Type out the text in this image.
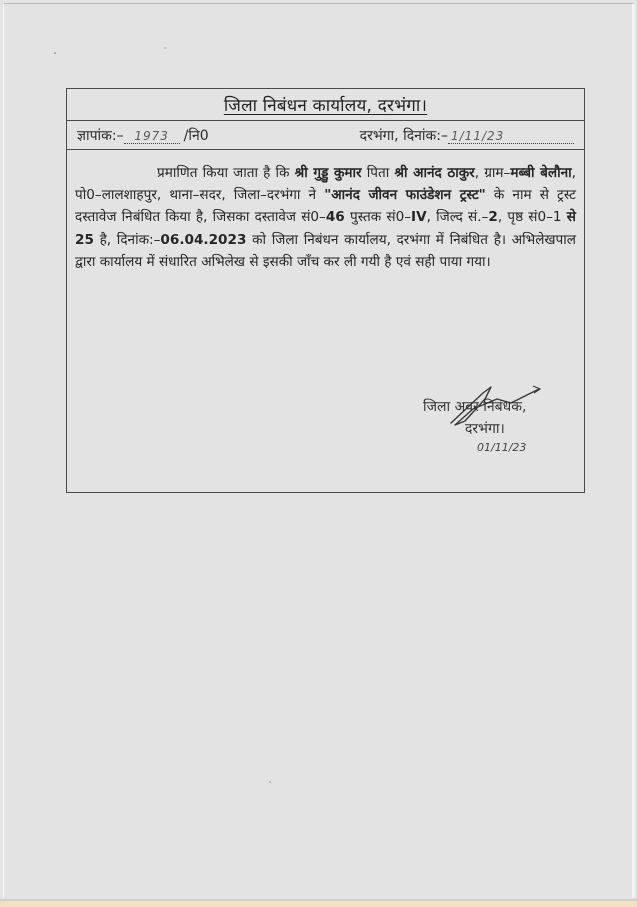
जिला निबंधन कार्यालय, दरभंगा।
ज्ञापांक:– 1973	/नि0	दरभंगा, दिनांक:– 1/11/23

प्रमाणित किया जाता है कि श्री गुड्डु कुमार पिता श्री आनंद ठाकुर, ग्राम–मब्बी बेलौना, पो0–लालशाहपुर, थाना–सदर, जिला–दरभंगा ने "आनंद जीवन फाउंडेशन ट्रस्ट" के नाम से ट्रस्ट दस्तावेज निबंधित किया है, जिसका दस्तावेज सं0–46 पुस्तक सं0–IV, जिल्द सं.–2, पृष्ठ सं0–1 से 25 है, दिनांक:–06.04.2023 को जिला निबंधन कार्यालय, दरभंगा में निबंधित है। अभिलेखपाल द्वारा कार्यालय में संधारित अभिलेख से इसकी जाँच कर ली गयी है एवं सही पाया गया।

जिला अवर निबंधक,
दरभंगा।
01/11/23
